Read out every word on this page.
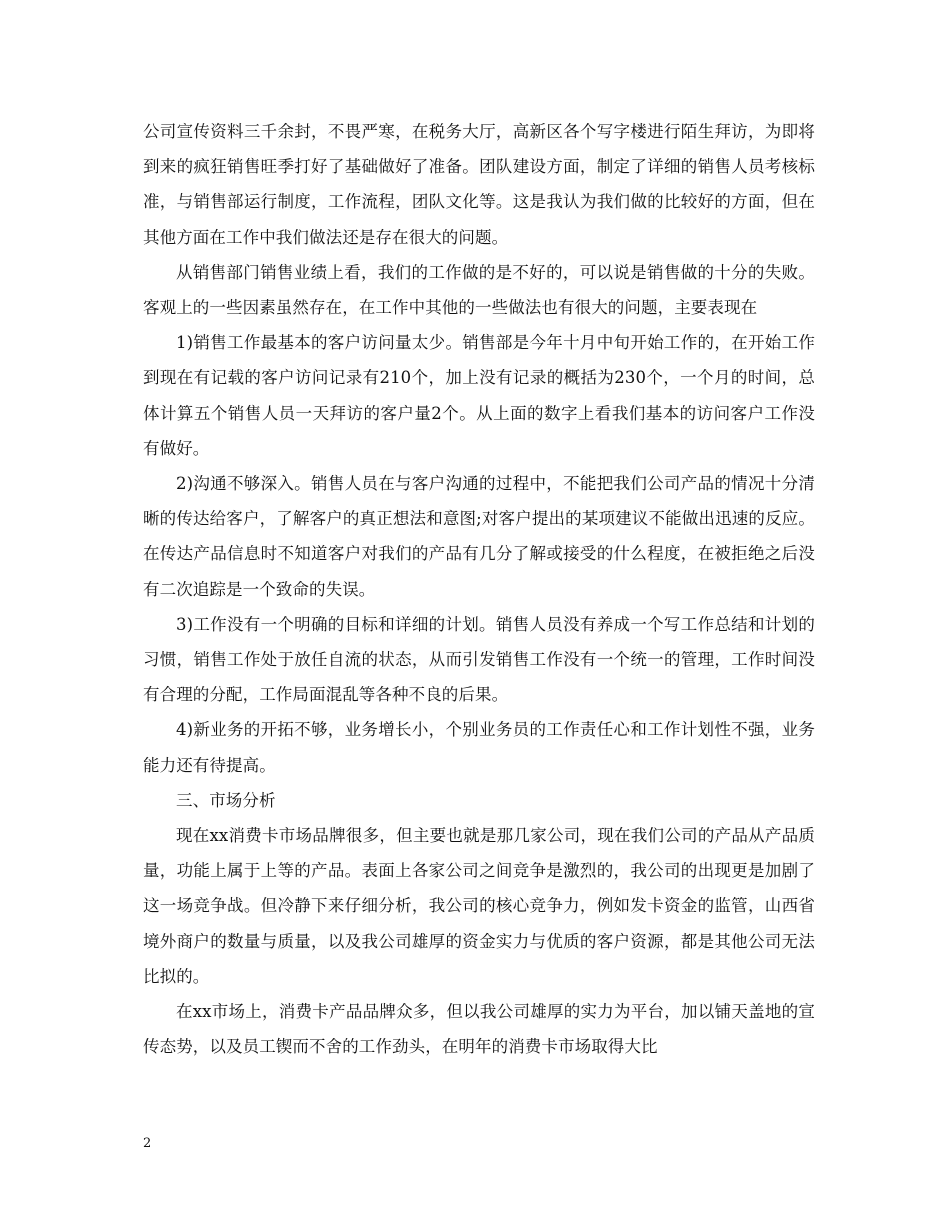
公司宣传资料三千余封，不畏严寒，在税务大厅，高新区各个写字楼进行陌生拜访，为即将到来的疯狂销售旺季打好了基础做好了准备。团队建设方面，制定了详细的销售人员考核标准，与销售部运行制度，工作流程，团队文化等。这是我认为我们做的比较好的方面，但在其他方面在工作中我们做法还是存在很大的问题。

从销售部门销售业绩上看，我们的工作做的是不好的，可以说是销售做的十分的失败。客观上的一些因素虽然存在，在工作中其他的一些做法也有很大的问题，主要表现在

1)销售工作最基本的客户访问量太少。销售部是今年十月中旬开始工作的，在开始工作到现在有记载的客户访问记录有210个，加上没有记录的概括为230个，一个月的时间，总体计算五个销售人员一天拜访的客户量2个。从上面的数字上看我们基本的访问客户工作没有做好。

2)沟通不够深入。销售人员在与客户沟通的过程中，不能把我们公司产品的情况十分清晰的传达给客户，了解客户的真正想法和意图;对客户提出的某项建议不能做出迅速的反应。在传达产品信息时不知道客户对我们的产品有几分了解或接受的什么程度，在被拒绝之后没有二次追踪是一个致命的失误。

3)工作没有一个明确的目标和详细的计划。销售人员没有养成一个写工作总结和计划的习惯，销售工作处于放任自流的状态，从而引发销售工作没有一个统一的管理，工作时间没有合理的分配，工作局面混乱等各种不良的后果。

4)新业务的开拓不够，业务增长小，个别业务员的工作责任心和工作计划性不强，业务能力还有待提高。

三、市场分析

现在xx消费卡市场品牌很多，但主要也就是那几家公司，现在我们公司的产品从产品质量，功能上属于上等的产品。表面上各家公司之间竞争是激烈的，我公司的出现更是加剧了这一场竞争战。但冷静下来仔细分析，我公司的核心竞争力，例如发卡资金的监管，山西省境外商户的数量与质量，以及我公司雄厚的资金实力与优质的客户资源，都是其他公司无法比拟的。

在xx市场上，消费卡产品品牌众多，但以我公司雄厚的实力为平台，加以铺天盖地的宣传态势，以及员工锲而不舍的工作劲头，在明年的消费卡市场取得大比

2
